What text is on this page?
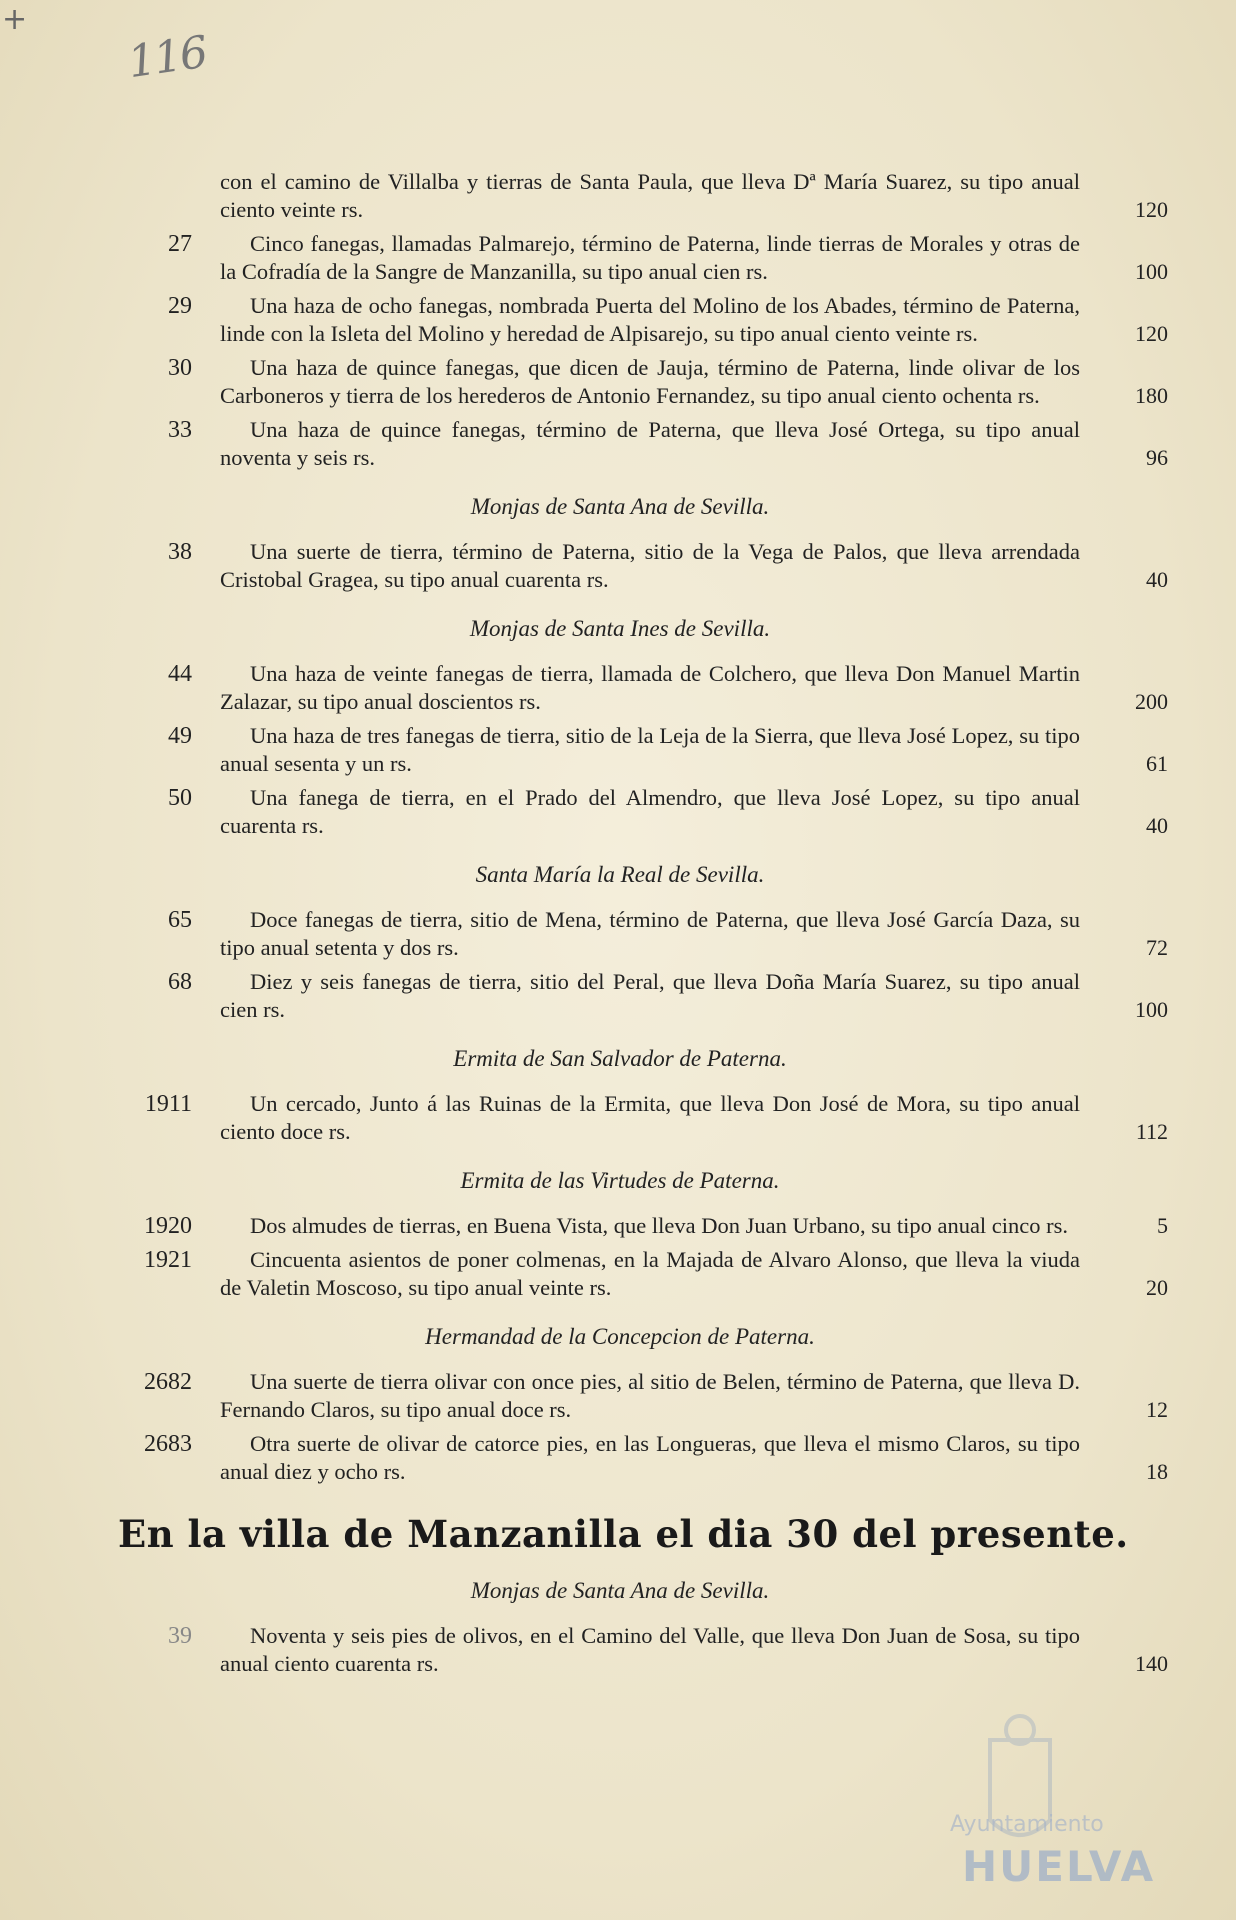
+
116
con el camino de Villalba y tierras de Santa Paula, que lleva Dª María Suarez, su tipo anual ciento veinte rs.	120
27	Cinco fanegas, llamadas Palmarejo, término de Paterna, linde tierras de Morales y otras de la Cofradía de la Sangre de Manzanilla, su tipo anual cien rs.	100
29	Una haza de ocho fanegas, nombrada Puerta del Molino de los Abades, término de Paterna, linde con la Isleta del Molino y heredad de Alpisarejo, su tipo anual ciento veinte rs.	120
30	Una haza de quince fanegas, que dicen de Jauja, término de Paterna, linde olivar de los Carboneros y tierra de los herederos de Antonio Fernandez, su tipo anual ciento ochenta rs.	180
33	Una haza de quince fanegas, término de Paterna, que lleva José Ortega, su tipo anual noventa y seis rs.	96
Monjas de Santa Ana de Sevilla.
38	Una suerte de tierra, término de Paterna, sitio de la Vega de Palos, que lleva arrendada Cristobal Gragea, su tipo anual cuarenta rs.	40
Monjas de Santa Ines de Sevilla.
44	Una haza de veinte fanegas de tierra, llamada de Colchero, que lleva Don Manuel Martin Zalazar, su tipo anual doscientos rs.	200
49	Una haza de tres fanegas de tierra, sitio de la Leja de la Sierra, que lleva José Lopez, su tipo anual sesenta y un rs.	61
50	Una fanega de tierra, en el Prado del Almendro, que lleva José Lopez, su tipo anual cuarenta rs.	40
Santa María la Real de Sevilla.
65	Doce fanegas de tierra, sitio de Mena, término de Paterna, que lleva José García Daza, su tipo anual setenta y dos rs.	72
68	Diez y seis fanegas de tierra, sitio del Peral, que lleva Doña María Suarez, su tipo anual cien rs.	100
Ermita de San Salvador de Paterna.
1911	Un cercado, Junto á las Ruinas de la Ermita, que lleva Don José de Mora, su tipo anual ciento doce rs.	112
Ermita de las Virtudes de Paterna.
1920	Dos almudes de tierras, en Buena Vista, que lleva Don Juan Urbano, su tipo anual cinco rs.	5
1921	Cincuenta asientos de poner colmenas, en la Majada de Alvaro Alonso, que lleva la viuda de Valetin Moscoso, su tipo anual veinte rs.	20
Hermandad de la Concepcion de Paterna.
2682	Una suerte de tierra olivar con once pies, al sitio de Belen, término de Paterna, que lleva D. Fernando Claros, su tipo anual doce rs.	12
2683	Otra suerte de olivar de catorce pies, en las Longueras, que lleva el mismo Claros, su tipo anual diez y ocho rs.	18
En la villa de Manzanilla el dia 30 del presente.
Monjas de Santa Ana de Sevilla.
39	Noventa y seis pies de olivos, en el Camino del Valle, que lleva Don Juan de Sosa, su tipo anual ciento cuarenta rs.	140
Ayuntamiento
HUELVA
